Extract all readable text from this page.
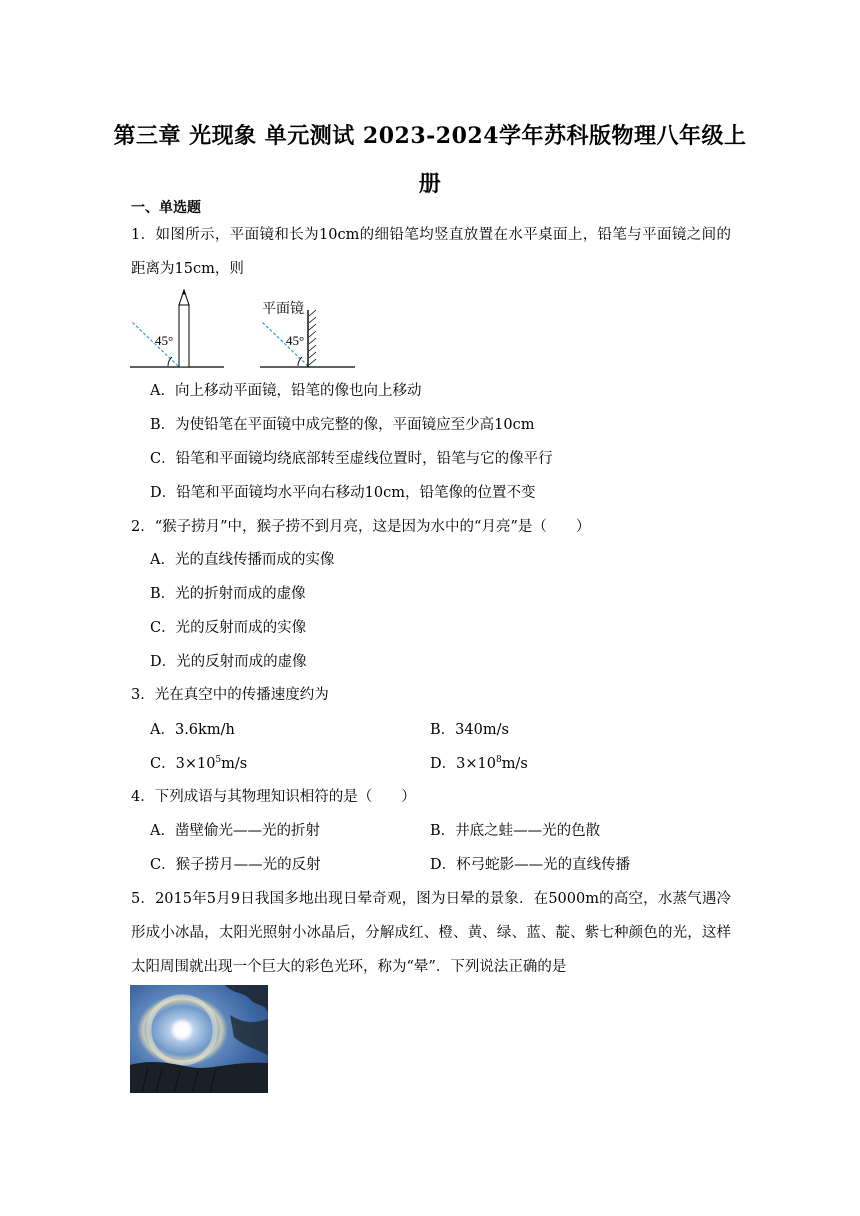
第三章 光现象 单元测试 2023-2024学年苏科版物理八年级上册
一、单选题
1．如图所示，平面镜和长为10cm的细铅笔均竖直放置在水平桌面上，铅笔与平面镜之间的距离为15cm，则
45°
平面镜
45°
A．向上移动平面镜，铅笔的像也向上移动
B．为使铅笔在平面镜中成完整的像，平面镜应至少高10cm
C．铅笔和平面镜均绕底部转至虚线位置时，铅笔与它的像平行
D．铅笔和平面镜均水平向右移动10cm，铅笔像的位置不变
2．“猴子捞月”中，猴子捞不到月亮，这是因为水中的“月亮”是（　　）
A．光的直线传播而成的实像
B．光的折射而成的虚像
C．光的反射而成的实像
D．光的反射而成的虚像
3．光在真空中的传播速度约为
A．3.6km/h	B．340m/s
C．$3\times 10^5m/s$	D．$3\times 10^8m/s$
4．下列成语与其物理知识相符的是（　　）
A．凿壁偷光——光的折射	B．井底之蛙——光的色散
C．猴子捞月——光的反射	D．杯弓蛇影——光的直线传播
5．2015年5月9日我国多地出现日晕奇观，图为日晕的景象．在5000m的高空，水蒸气遇冷形成小冰晶，太阳光照射小冰晶后，分解成红、橙、黄、绿、蓝、靛、紫七种颜色的光，这样太阳周围就出现一个巨大的彩色光环，称为“晕”．下列说法正确的是
